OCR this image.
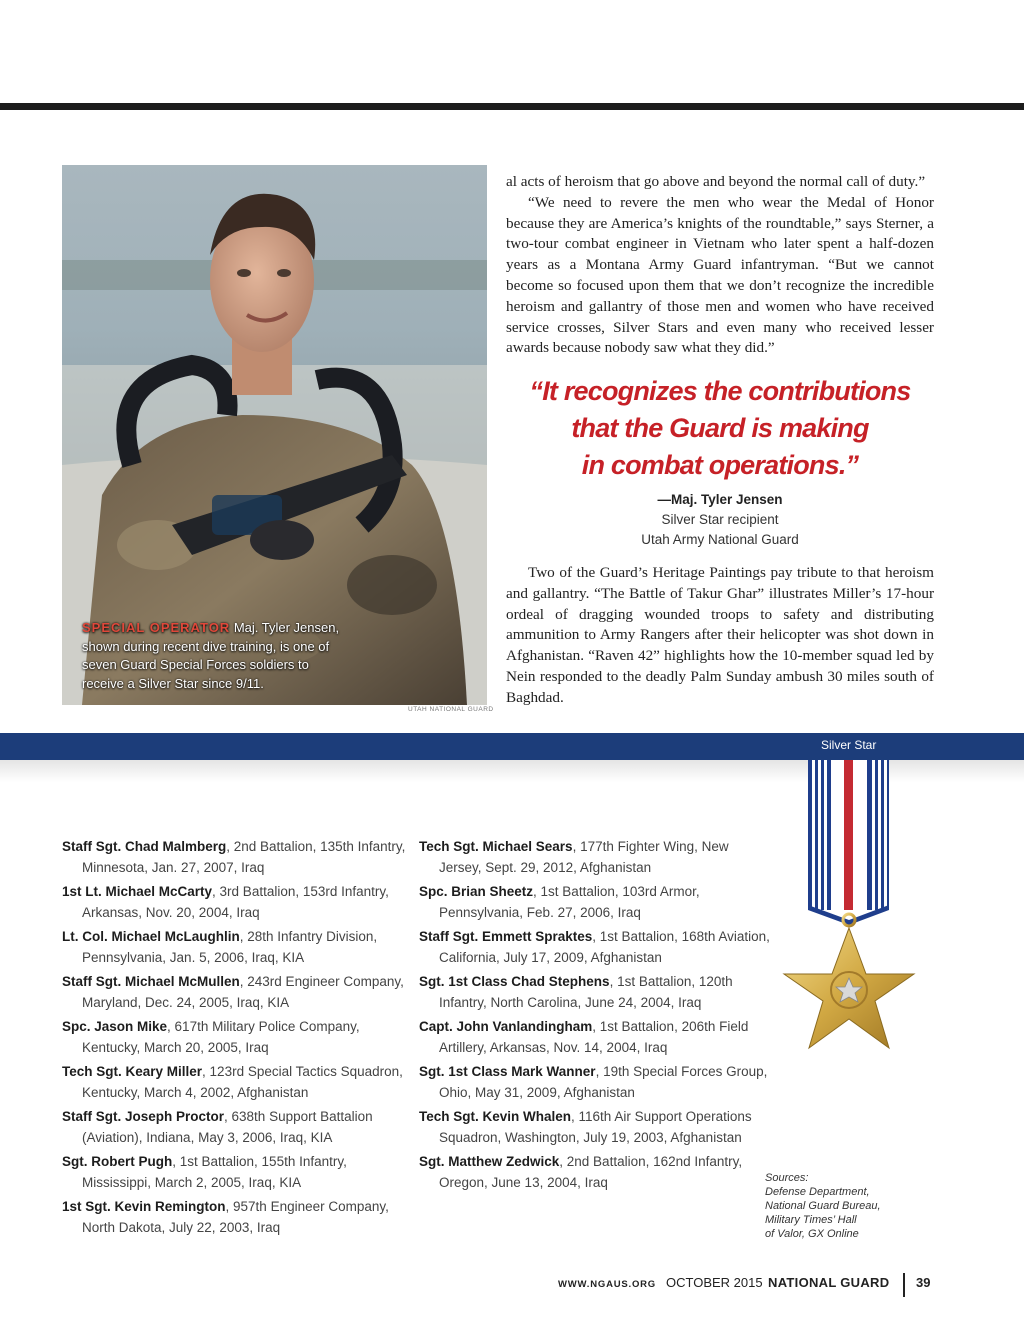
SPECIAL OPERATOR Maj. Tyler Jensen, shown during recent dive training, is one of seven Guard Special Forces soldiers to receive a Silver Star since 9/11.
UTAH NATIONAL GUARD

al acts of heroism that go above and beyond the normal call of duty.”

“We need to revere the men who wear the Medal of Honor because they are America’s knights of the roundtable,” says Sterner, a two-tour combat engineer in Vietnam who later spent a half-dozen years as a Montana Army Guard infantryman. “But we cannot become so focused upon them that we don’t recognize the incredible heroism and gallantry of those men and women who have received service crosses, Silver Stars and even many who received lesser awards because nobody saw what they did.”

“It recognizes the contributions
that the Guard is making
in combat operations.”
—Maj. Tyler Jensen
Silver Star recipient
Utah Army National Guard

Two of the Guard’s Heritage Paintings pay tribute to that heroism and gallantry. “The Battle of Takur Ghar” illustrates Miller’s 17-hour ordeal of dragging wounded troops to safety and distributing ammunition to Army Rangers after their helicopter was shot down in Afghanistan. “Raven 42” highlights how the 10-member squad led by Nein responded to the deadly Palm Sunday ambush 30 miles south of Baghdad.

Silver Star
Staff Sgt. Chad Malmberg, 2nd Battalion, 135th Infantry, Minnesota, Jan. 27, 2007, Iraq
1st Lt. Michael McCarty, 3rd Battalion, 153rd Infantry, Arkansas, Nov. 20, 2004, Iraq
Lt. Col. Michael McLaughlin, 28th Infantry Division, Pennsylvania, Jan. 5, 2006, Iraq, KIA
Staff Sgt. Michael McMullen, 243rd Engineer Company, Maryland, Dec. 24, 2005, Iraq, KIA
Spc. Jason Mike, 617th Military Police Company, Kentucky, March 20, 2005, Iraq
Tech Sgt. Keary Miller, 123rd Special Tactics Squadron, Kentucky, March 4, 2002, Afghanistan
Staff Sgt. Joseph Proctor, 638th Support Battalion (Aviation), Indiana, May 3, 2006, Iraq, KIA
Sgt. Robert Pugh, 1st Battalion, 155th Infantry, Mississippi, March 2, 2005, Iraq, KIA
1st Sgt. Kevin Remington, 957th Engineer Company, North Dakota, July 22, 2003, Iraq
Tech Sgt. Michael Sears, 177th Fighter Wing, New Jersey, Sept. 29, 2012, Afghanistan
Spc. Brian Sheetz, 1st Battalion, 103rd Armor, Pennsylvania, Feb. 27, 2006, Iraq
Staff Sgt. Emmett Spraktes, 1st Battalion, 168th Aviation, California, July 17, 2009, Afghanistan
Sgt. 1st Class Chad Stephens, 1st Battalion, 120th Infantry, North Carolina, June 24, 2004, Iraq
Capt. John Vanlandingham, 1st Battalion, 206th Field Artillery, Arkansas, Nov. 14, 2004, Iraq
Sgt. 1st Class Mark Wanner, 19th Special Forces Group, Ohio, May 31, 2009, Afghanistan
Tech Sgt. Kevin Whalen, 116th Air Support Operations Squadron, Washington, July 19, 2003, Afghanistan
Sgt. Matthew Zedwick, 2nd Battalion, 162nd Infantry, Oregon, June 13, 2004, Iraq	Sources:
Defense Department,
National Guard Bureau,
Military Times’ Hall
of Valor, GX Online
WWW.NGAUS.ORG OCTOBER 2015 NATIONAL GUARD 39
